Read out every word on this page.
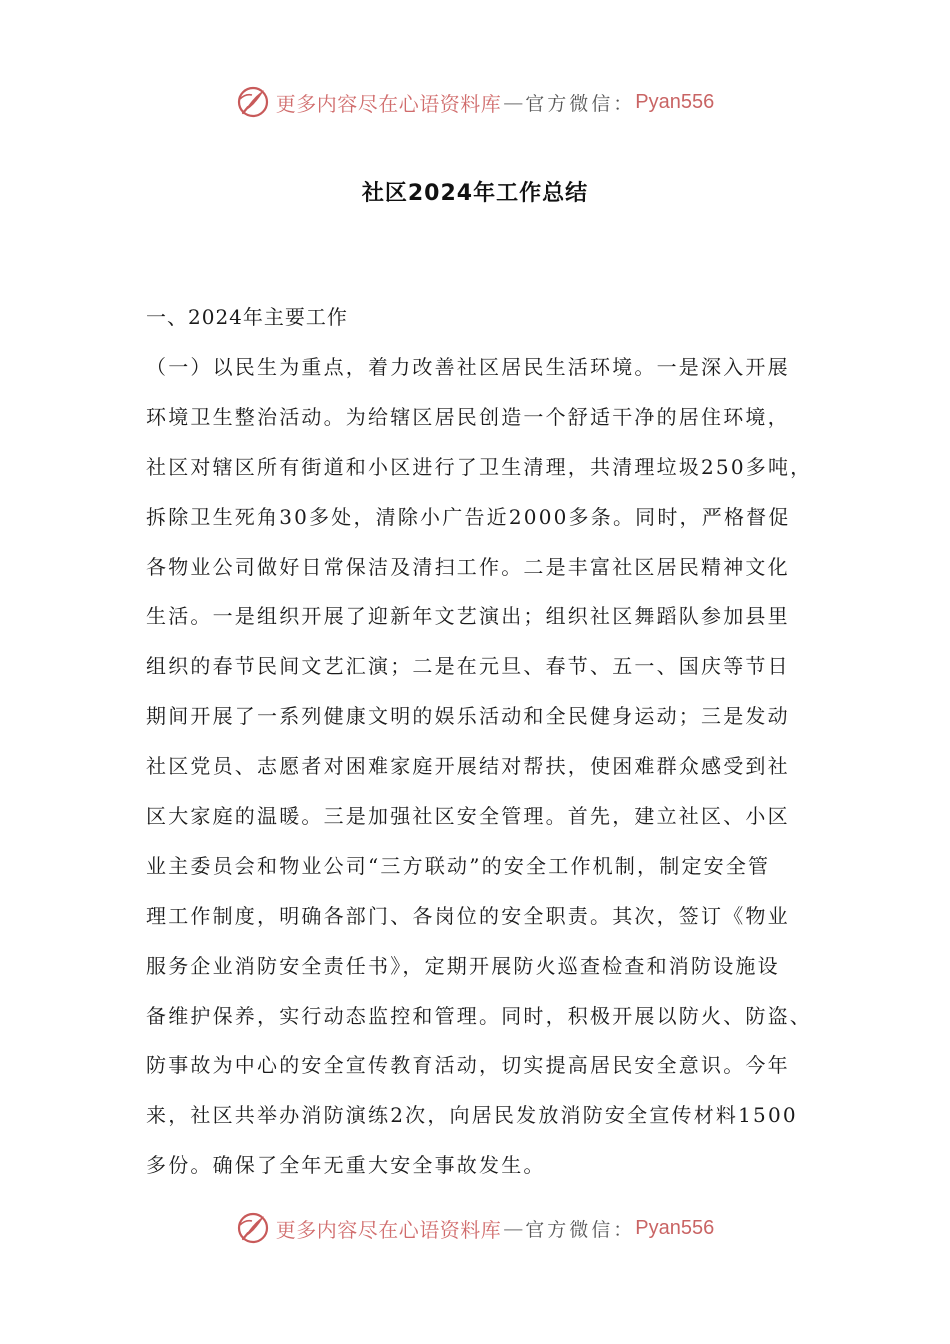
更多内容尽在心语资料库 — 官方微信： Pyan556
社区2024年工作总结
一、2024年主要工作
（一）以民生为重点，着力改善社区居民生活环境。一是深入开展
环境卫生整治活动。为给辖区居民创造一个舒适干净的居住环境，
社区对辖区所有街道和小区进行了卫生清理，共清理垃圾250多吨，
拆除卫生死角30多处，清除小广告近2000多条。同时，严格督促
各物业公司做好日常保洁及清扫工作。二是丰富社区居民精神文化
生活。一是组织开展了迎新年文艺演出；组织社区舞蹈队参加县里
组织的春节民间文艺汇演；二是在元旦、春节、五一、国庆等节日
期间开展了一系列健康文明的娱乐活动和全民健身运动；三是发动
社区党员、志愿者对困难家庭开展结对帮扶，使困难群众感受到社
区大家庭的温暖。三是加强社区安全管理。首先，建立社区、小区
业主委员会和物业公司“三方联动”的安全工作机制，制定安全管
理工作制度，明确各部门、各岗位的安全职责。其次，签订《物业
服务企业消防安全责任书》，定期开展防火巡查检查和消防设施设
备维护保养，实行动态监控和管理。同时，积极开展以防火、防盗、
防事故为中心的安全宣传教育活动，切实提高居民安全意识。今年
来，社区共举办消防演练2次，向居民发放消防安全宣传材料1500
多份。确保了全年无重大安全事故发生。
更多内容尽在心语资料库 — 官方微信： Pyan556
